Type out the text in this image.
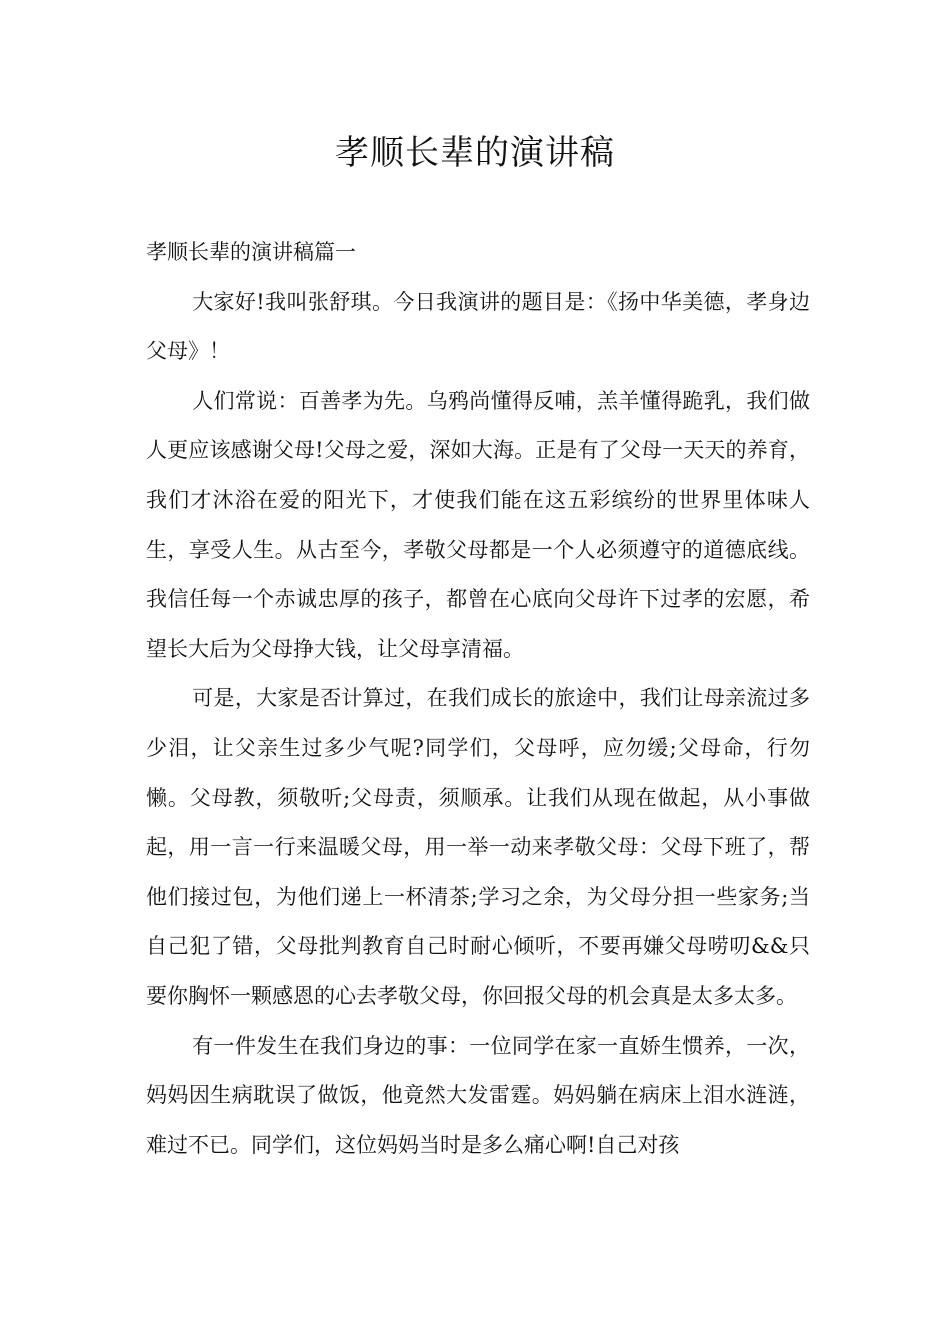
孝顺长辈的演讲稿

孝顺长辈的演讲稿篇一

大家好!我叫张舒琪。今日我演讲的题目是：《扬中华美德，孝身边父母》！

人们常说：百善孝为先。乌鸦尚懂得反哺，羔羊懂得跪乳，我们做人更应该感谢父母!父母之爱，深如大海。正是有了父母一天天的养育，我们才沐浴在爱的阳光下，才使我们能在这五彩缤纷的世界里体味人生，享受人生。从古至今，孝敬父母都是一个人必须遵守的道德底线。我信任每一个赤诚忠厚的孩子，都曾在心底向父母许下过孝的宏愿，希望长大后为父母挣大钱，让父母享清福。

可是，大家是否计算过，在我们成长的旅途中，我们让母亲流过多少泪，让父亲生过多少气呢?同学们，父母呼，应勿缓;父母命，行勿懒。父母教，须敬听;父母责，须顺承。让我们从现在做起，从小事做起，用一言一行来温暖父母，用一举一动来孝敬父母：父母下班了，帮他们接过包，为他们递上一杯清茶;学习之余，为父母分担一些家务;当自己犯了错，父母批判教育自己时耐心倾听，不要再嫌父母唠叨&&只要你胸怀一颗感恩的心去孝敬父母，你回报父母的机会真是太多太多。

有一件发生在我们身边的事：一位同学在家一直娇生惯养，一次，妈妈因生病耽误了做饭，他竟然大发雷霆。妈妈躺在病床上泪水涟涟，难过不已。同学们，这位妈妈当时是多么痛心啊!自己对孩
